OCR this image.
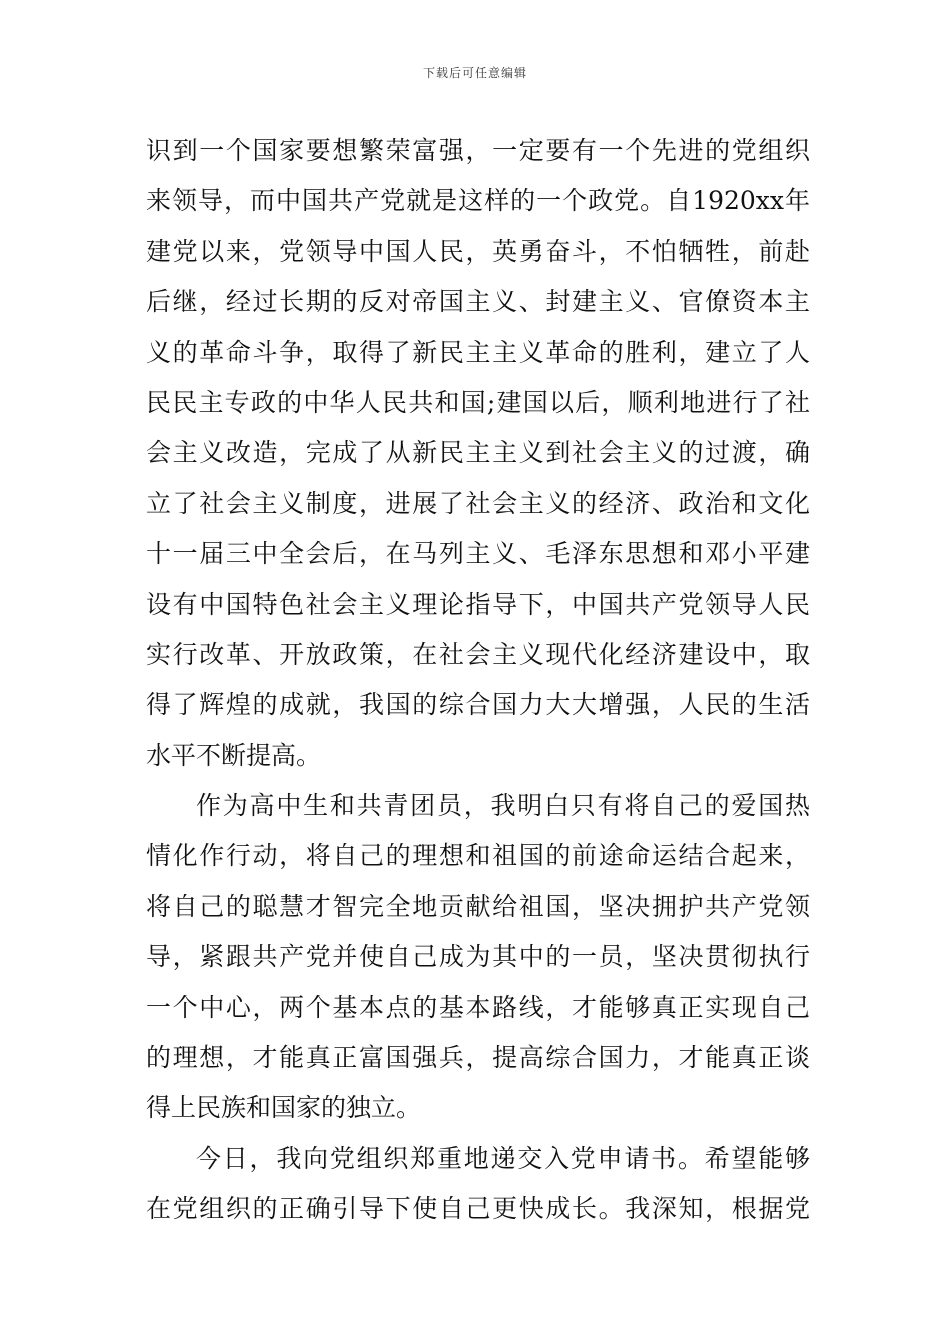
下载后可任意编辑
识到一个国家要想繁荣富强，一定要有一个先进的党组织
来领导，而中国共产党就是这样的一个政党。自1920xx年
建党以来，党领导中国人民，英勇奋斗，不怕牺牲，前赴
后继，经过长期的反对帝国主义、封建主义、官僚资本主
义的革命斗争，取得了新民主主义革命的胜利，建立了人
民民主专政的中华人民共和国;建国以后，顺利地进行了社
会主义改造，完成了从新民主主义到社会主义的过渡，确
立了社会主义制度，进展了社会主义的经济、政治和文化
十一届三中全会后，在马列主义、毛泽东思想和邓小平建
设有中国特色社会主义理论指导下，中国共产党领导人民
实行改革、开放政策，在社会主义现代化经济建设中，取
得了辉煌的成就，我国的综合国力大大增强，人民的生活
水平不断提高。
作为高中生和共青团员，我明白只有将自己的爱国热
情化作行动，将自己的理想和祖国的前途命运结合起来，
将自己的聪慧才智完全地贡献给祖国，坚决拥护共产党领
导，紧跟共产党并使自己成为其中的一员，坚决贯彻执行
一个中心，两个基本点的基本路线，才能够真正实现自己
的理想，才能真正富国强兵，提高综合国力，才能真正谈
得上民族和国家的独立。
今日，我向党组织郑重地递交入党申请书。希望能够
在党组织的正确引导下使自己更快成长。我深知，根据党
